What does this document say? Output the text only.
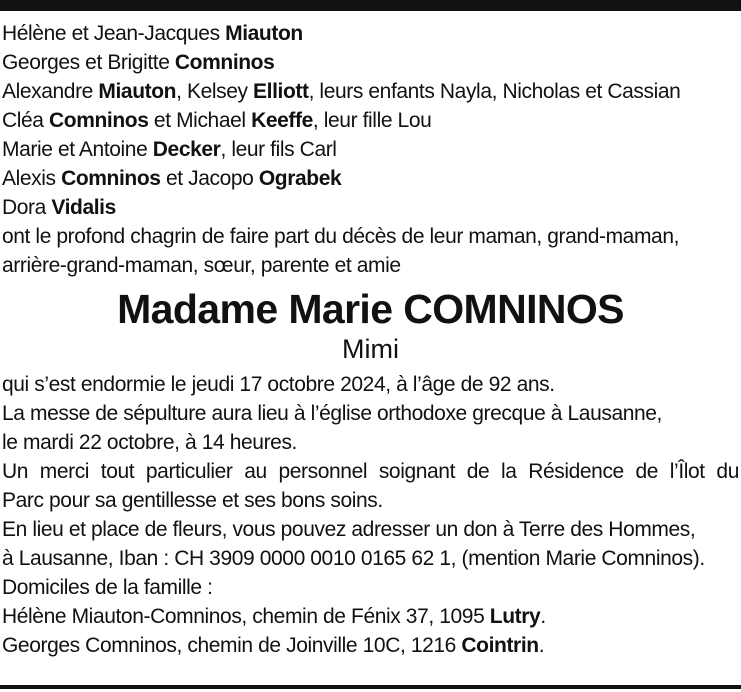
Hélène et Jean-Jacques Miauton
Georges et Brigitte Comninos
Alexandre Miauton, Kelsey Elliott, leurs enfants Nayla, Nicholas et Cassian
Cléa Comninos et Michael Keeffe, leur fille Lou
Marie et Antoine Decker, leur fils Carl
Alexis Comninos et Jacopo Ograbek
Dora Vidalis
ont le profond chagrin de faire part du décès de leur maman, grand-maman,
arrière-grand-maman, sœur, parente et amie
Madame Marie COMNINOS
Mimi
qui s’est endormie le jeudi 17 octobre 2024, à l’âge de 92 ans.
La messe de sépulture aura lieu à l’église orthodoxe grecque à Lausanne,
le mardi 22 octobre, à 14 heures.
Un merci tout particulier au personnel soignant de la Résidence de l’Îlot du
Parc pour sa gentillesse et ses bons soins.
En lieu et place de fleurs, vous pouvez adresser un don à Terre des Hommes,
à Lausanne, Iban : CH 3909 0000 0010 0165 62 1, (mention Marie Comninos).
Domiciles de la famille :
Hélène Miauton-Comninos, chemin de Fénix 37, 1095 Lutry.
Georges Comninos, chemin de Joinville 10C, 1216 Cointrin.
